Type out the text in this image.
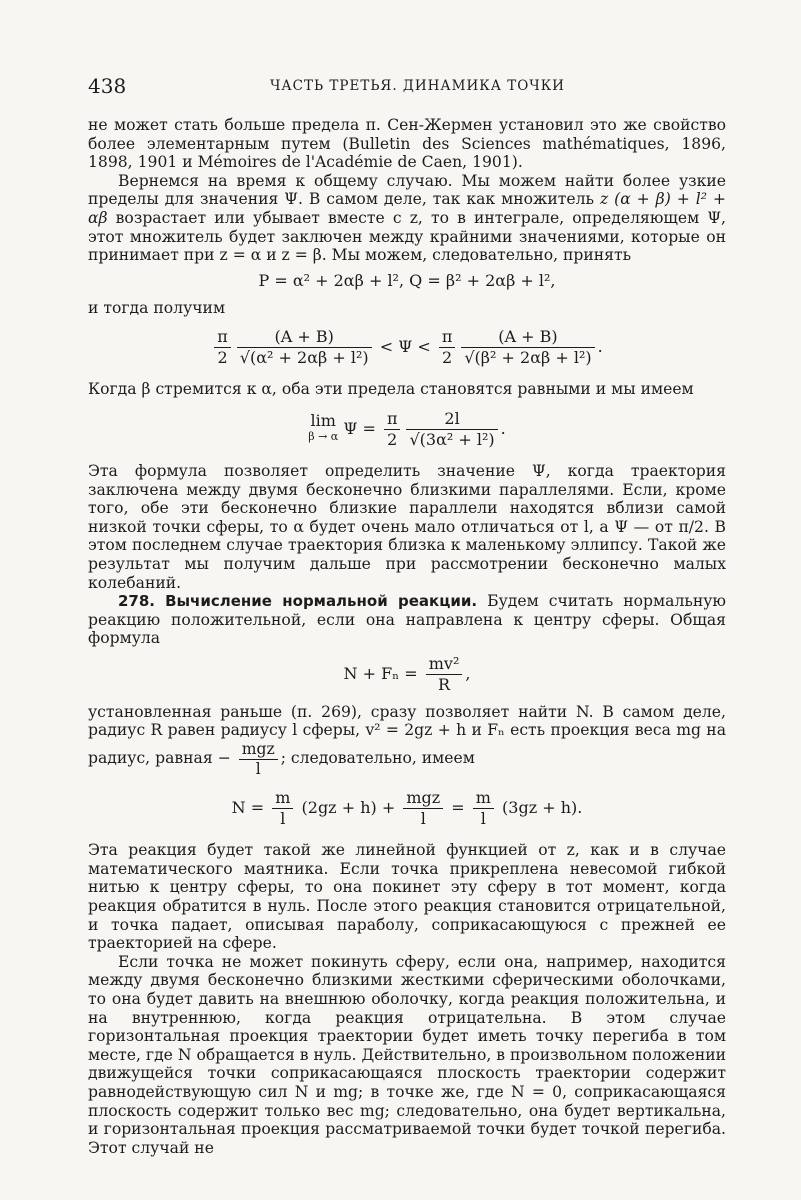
438	ЧАСТЬ ТРЕТЬЯ. ДИНАМИКА ТОЧКИ

не может стать больше предела π. Сен-Жермен установил это же свойство более элементарным путем (Bulletin des Sciences mathématiques, 1896, 1898, 1901 и Mémoires de l'Académie de Caen, 1901).

Вернемся на время к общему случаю. Мы можем найти более узкие пределы для значения Ψ. В самом деле, так как множитель z (α + β) + l² + αβ возрастает или убывает вместе с z, то в интеграле, определяющем Ψ, этот множитель будет заключен между крайними значениями, которые он принимает при z = α и z = β. Мы можем, следовательно, принять

P = α² + 2αβ + l², Q = β² + 2αβ + l²,

и тогда получим

$\frac{\pi}{2} \frac{(A + B)}{\text{√(α² + 2αβ + l²)}} < \Psi < \frac{\pi}{2} \frac{(A + B)}{\text{√(β² + 2αβ + l²)}}$ .

Когда β стремится к α, оба эти предела становятся равными и мы имеем

lim
β → α $\Psi = \frac{\pi}{2} \frac{2l}{\text{√(3α² + l²)}}$ .

Эта формула позволяет определить значение Ψ, когда траектория заключена между двумя бесконечно близкими параллелями. Если, кроме того, обе эти бесконечно близкие параллели находятся вблизи самой низкой точки сферы, то α будет очень мало отличаться от l, а Ψ — от π/2. В этом последнем случае траектория близка к маленькому эллипсу. Такой же результат мы получим дальше при рассмотрении бесконечно малых колебаний.

278. Вычисление нормальной реакции. Будем считать нормальную реакцию положительной, если она направлена к центру сферы. Общая формула

$N + F_n = \frac{\text{mv²}}{R}$ ,

установленная раньше (п. 269), сразу позволяет найти N. В самом деле, радиус R равен радиусу l сферы, v² = 2gz + h и Fₙ есть проекция веса mg на радиус, равная − $\frac{\text{mgz}}{l}$ ; следовательно, имеем

$N = \frac{m}{l} (2gz + h) + \frac{\text{mgz}}{l} = \frac{m}{l} (3gz + h)$.

Эта реакция будет такой же линейной функцией от z, как и в случае математического маятника. Если точка прикреплена невесомой гибкой нитью к центру сферы, то она покинет эту сферу в тот момент, когда реакция обратится в нуль. После этого реакция становится отрицательной, и точка падает, описывая параболу, соприкасающуюся с прежней ее траекторией на сфере.

Если точка не может покинуть сферу, если она, например, находится между двумя бесконечно близкими жесткими сферическими оболочками, то она будет давить на внешнюю оболочку, когда реакция положительна, и на внутреннюю, когда реакция отрицательна. В этом случае горизонтальная проекция траектории будет иметь точку перегиба в том месте, где N обращается в нуль. Действительно, в произвольном положении движущейся точки соприкасающаяся плоскость траектории содержит равнодействующую сил N и mg; в точке же, где N = 0, соприкасающаяся плоскость содержит только вес mg; следовательно, она будет вертикальна, и горизонтальная проекция рассматриваемой точки будет точкой перегиба. Этот случай не
